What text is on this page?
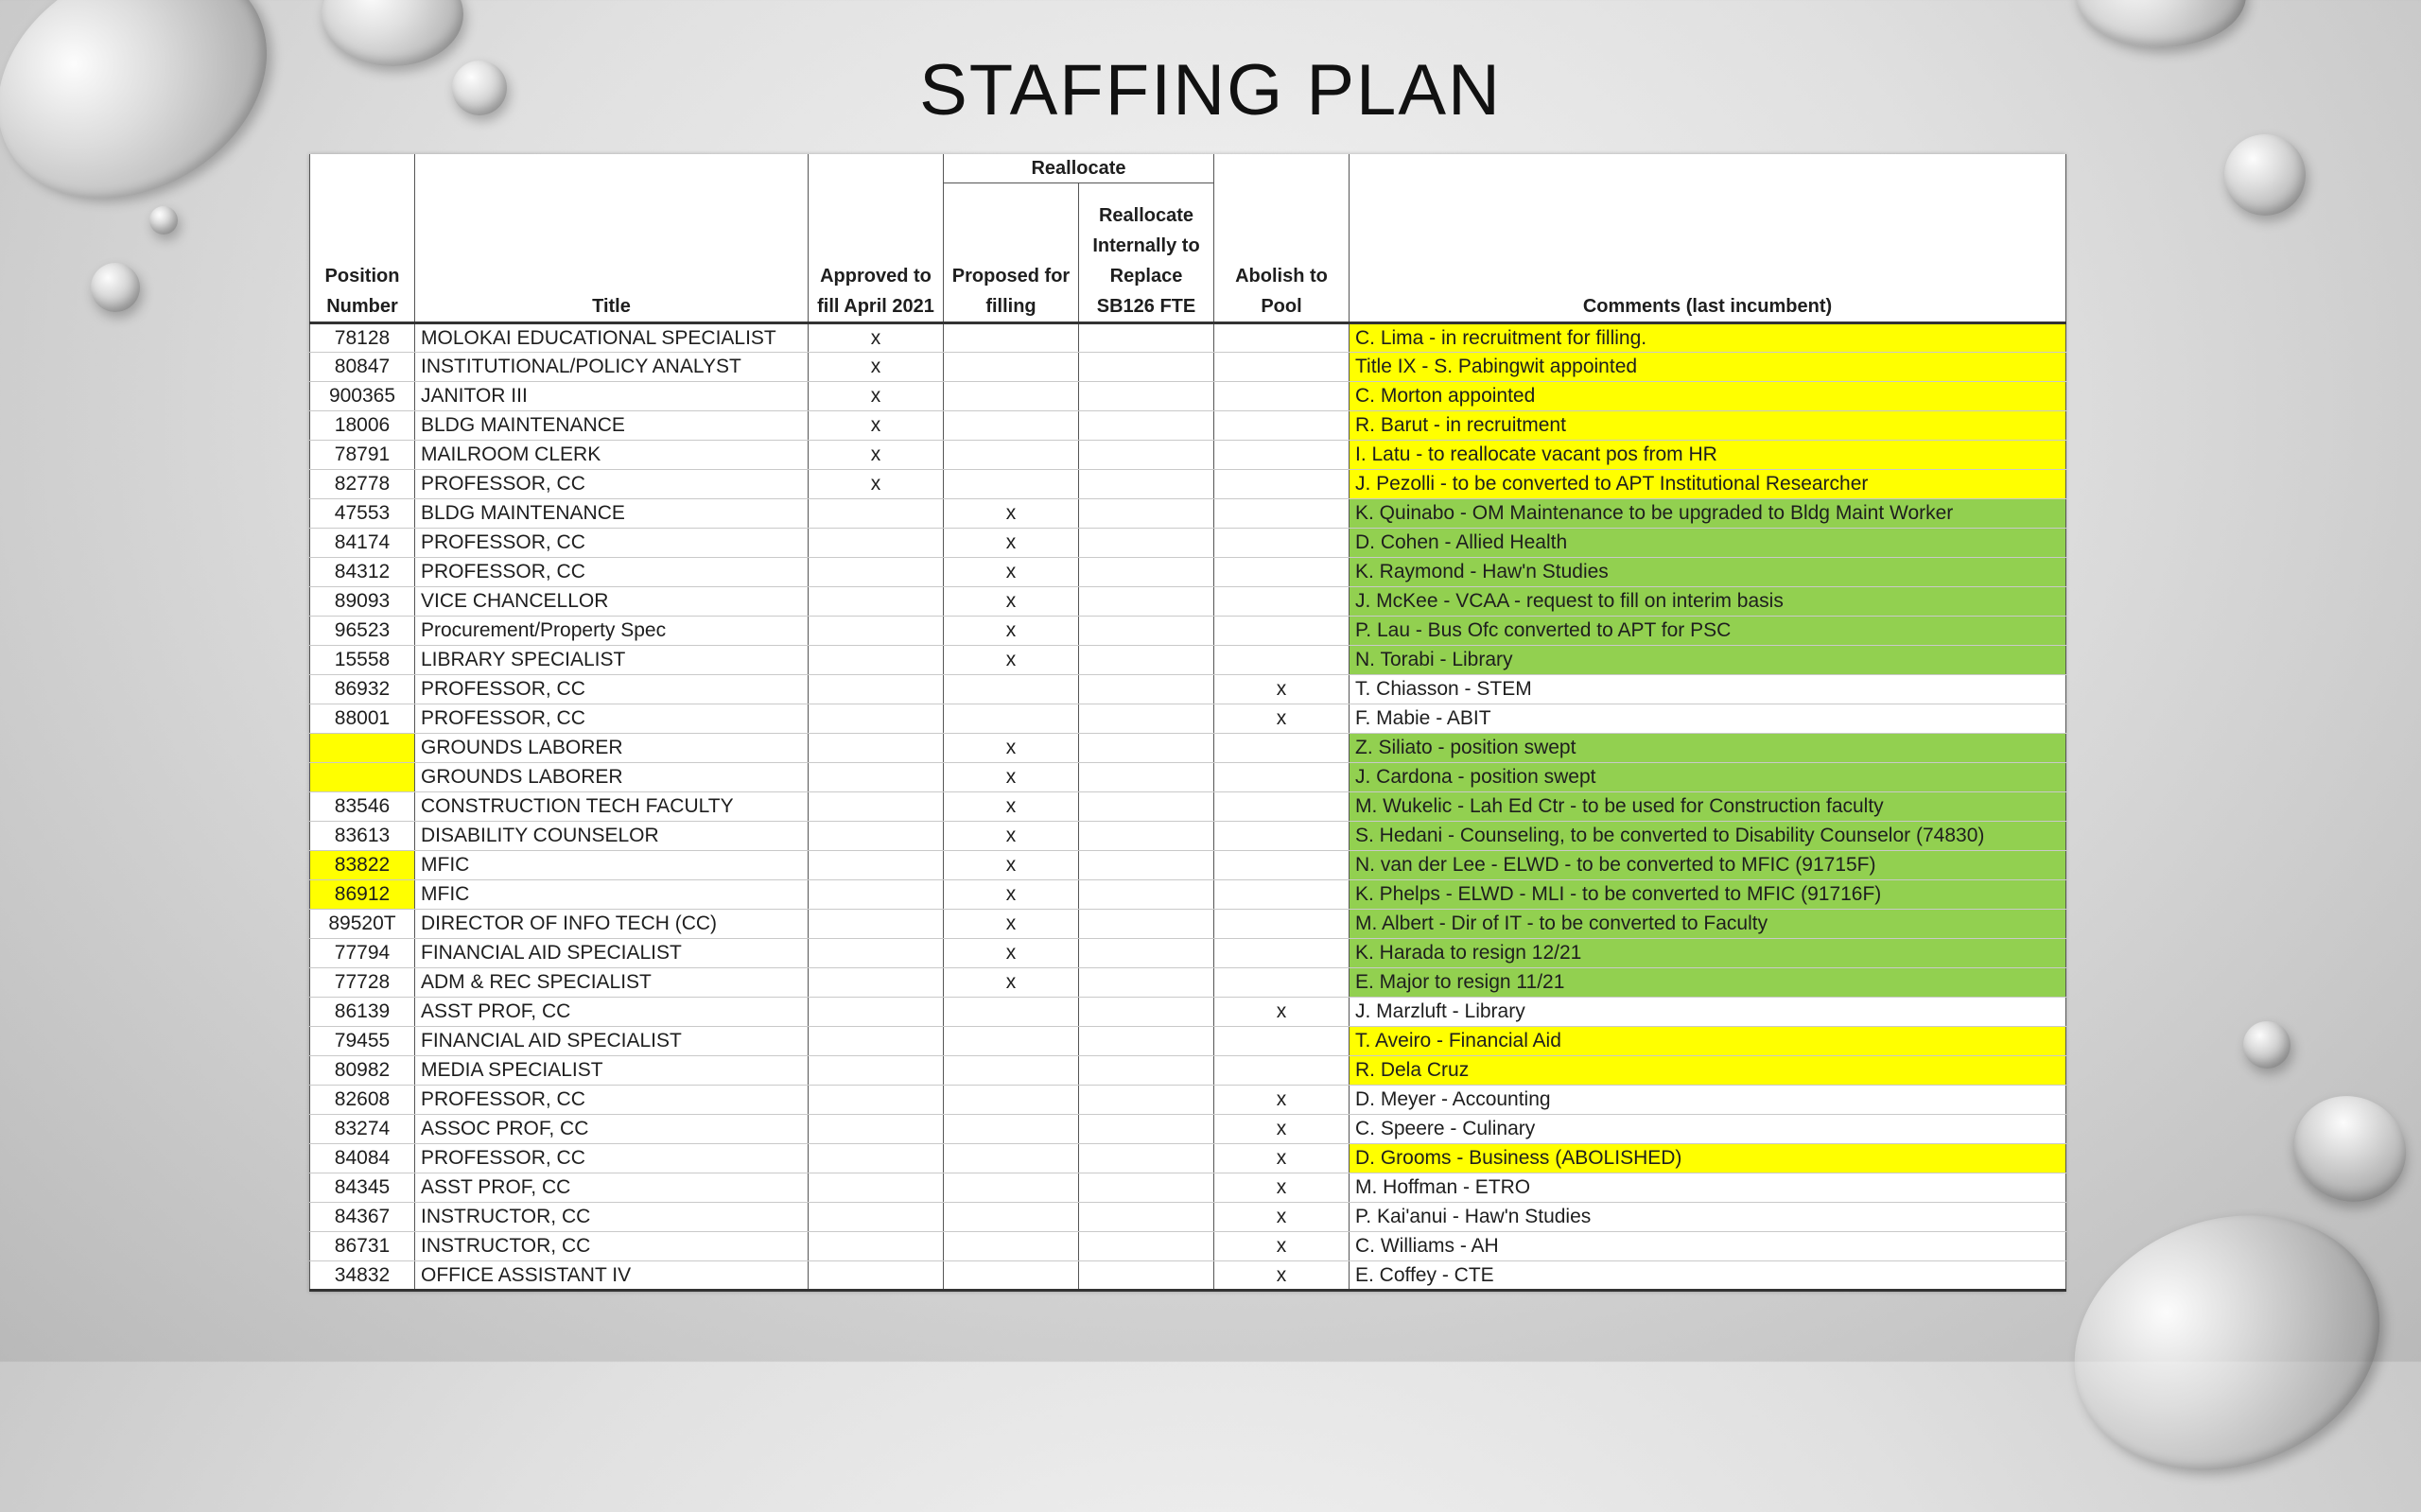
STAFFING PLAN
			Reallocate			
Position Number	Title	Approved to fill April 2021	Proposed for filling	Reallocate Internally to Replace SB126 FTE	Abolish to Pool	Comments (last incumbent)
78128	MOLOKAI EDUCATIONAL SPECIALIST	x				C. Lima - in recruitment for filling.
80847	INSTITUTIONAL/POLICY ANALYST	x				Title IX - S. Pabingwit appointed
900365	JANITOR III	x				C. Morton appointed
18006	BLDG MAINTENANCE	x				R. Barut - in recruitment
78791	MAILROOM CLERK	x				I. Latu - to reallocate vacant pos from HR
82778	PROFESSOR, CC	x				J. Pezolli - to be converted to APT Institutional Researcher
47553	BLDG MAINTENANCE		x			K. Quinabo - OM Maintenance to be upgraded to Bldg Maint Worker
84174	PROFESSOR, CC		x			D. Cohen - Allied Health
84312	PROFESSOR, CC		x			K. Raymond - Haw'n Studies
89093	VICE CHANCELLOR		x			J. McKee - VCAA - request to fill on interim basis
96523	Procurement/Property Spec		x			P. Lau - Bus Ofc converted to APT for PSC
15558	LIBRARY SPECIALIST		x			N. Torabi - Library
86932	PROFESSOR, CC				x	T. Chiasson - STEM
88001	PROFESSOR, CC				x	F. Mabie - ABIT
	GROUNDS LABORER		x			Z. Siliato - position swept
	GROUNDS LABORER		x			J. Cardona - position swept
83546	CONSTRUCTION TECH FACULTY		x			M. Wukelic - Lah Ed Ctr - to be used for Construction faculty
83613	DISABILITY COUNSELOR		x			S. Hedani - Counseling, to be converted to Disability Counselor (74830)
83822	MFIC		x			N. van der Lee - ELWD - to be converted to MFIC (91715F)
86912	MFIC		x			K. Phelps - ELWD - MLI - to be converted to MFIC (91716F)
89520T	DIRECTOR OF INFO TECH (CC)		x			M. Albert - Dir of IT - to be converted to Faculty
77794	FINANCIAL AID SPECIALIST		x			K. Harada to resign 12/21
77728	ADM & REC SPECIALIST		x			E. Major to resign 11/21
86139	ASST PROF, CC				x	J. Marzluft - Library
79455	FINANCIAL AID SPECIALIST					T. Aveiro - Financial Aid
80982	MEDIA SPECIALIST					R. Dela Cruz
82608	PROFESSOR, CC				x	D. Meyer - Accounting
83274	ASSOC PROF, CC				x	C. Speere - Culinary
84084	PROFESSOR, CC				x	D. Grooms - Business (ABOLISHED)
84345	ASST PROF, CC				x	M. Hoffman - ETRO
84367	INSTRUCTOR, CC				x	P. Kai'anui - Haw'n Studies
86731	INSTRUCTOR, CC				x	C. Williams - AH
34832	OFFICE ASSISTANT IV				x	E. Coffey - CTE
